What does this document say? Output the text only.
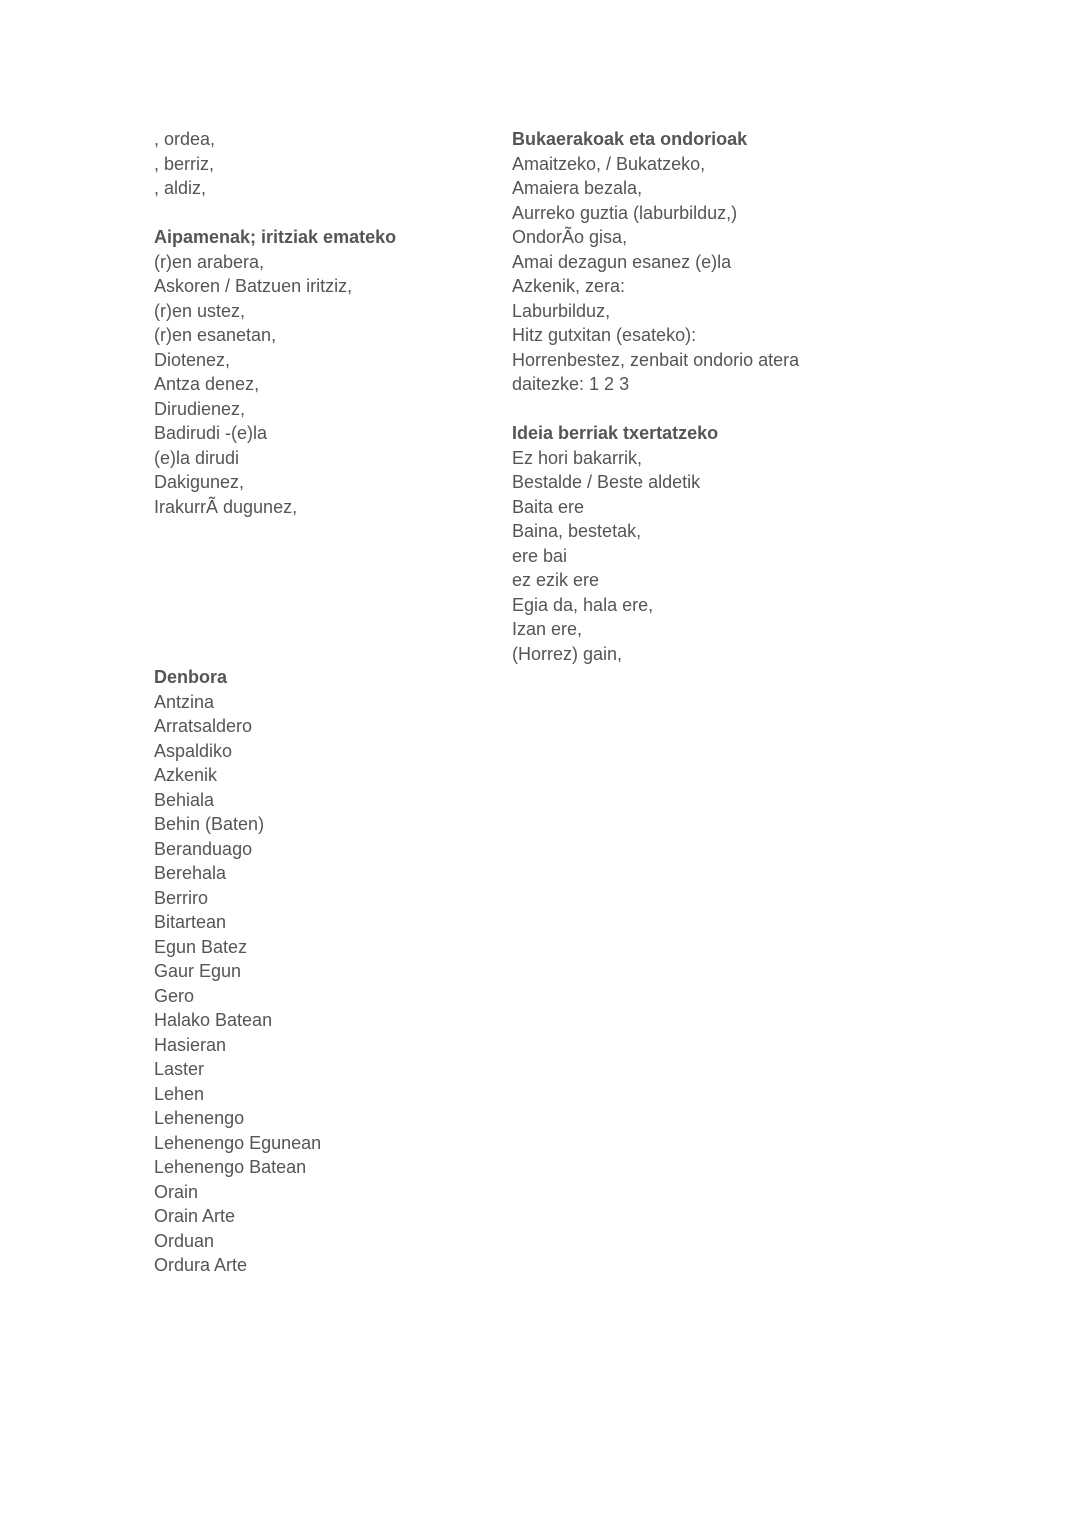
, ordea,
, berriz,
, aldiz,
Aipamenak; iritziak emateko
(r)en arabera,
Askoren / Batzuen iritziz,
(r)en ustez,
(r)en esanetan,
Diotenez,
Antza denez,
Dirudienez,
Badirudi -(e)la
(e)la dirudi
Dakigunez,
IrakurrÃ dugunez,
Denbora
Antzina
Arratsaldero
Aspaldiko
Azkenik
Behiala
Behin (Baten)
Beranduago
Berehala
Berriro
Bitartean
Egun Batez
Gaur Egun
Gero
Halako Batean
Hasieran
Laster
Lehen
Lehenengo
Lehenengo Egunean
Lehenengo Batean
Orain
Orain Arte
Orduan
Ordura Arte
Bukaerakoak eta ondorioak
Amaitzeko, / Bukatzeko,
Amaiera bezala,
Aurreko guztia (laburbilduz,)
OndorÃo gisa,
Amai dezagun esanez (e)la
Azkenik, zera:
Laburbilduz,
Hitz gutxitan (esateko):
Horrenbestez, zenbait ondorio atera
daitezke: 1 2 3
Ideia berriak txertatzeko
Ez hori bakarrik,
Bestalde / Beste aldetik
Baita ere
Baina, bestetak,
ere bai
ez ezik ere
Egia da, hala ere,
Izan ere,
(Horrez) gain,
